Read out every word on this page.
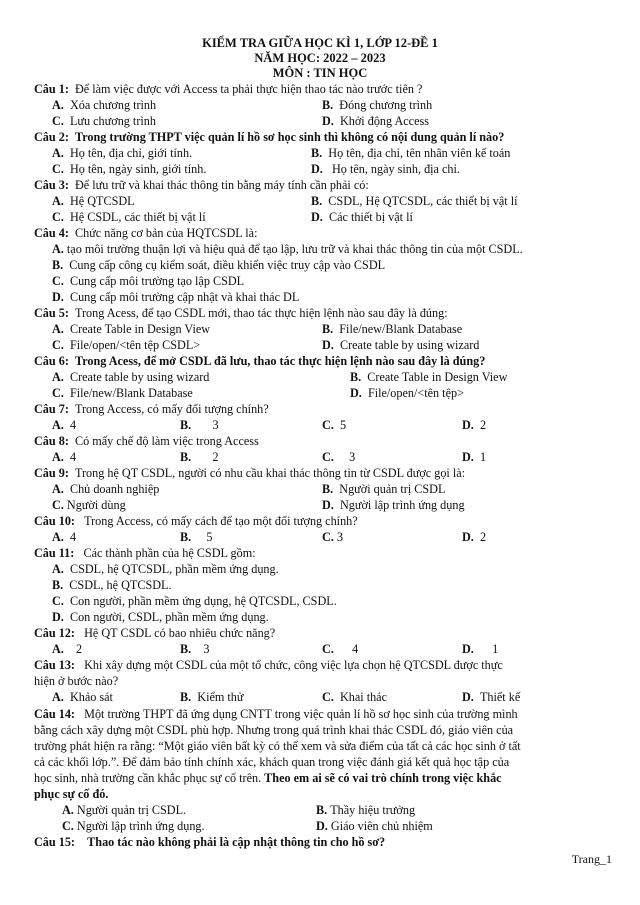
KIỂM TRA GIỮA HỌC KÌ 1, LỚP 12-ĐỀ 1
NĂM HỌC: 2022 – 2023
MÔN : TIN HỌC
Câu 1: Để làm việc được với Access ta phải thực hiện thao tác nào trước tiên ?
A. Xóa chương trình	B. Đóng chương trình
C. Lưu chương trình	D. Khởi động Access
Câu 2: Trong trường THPT việc quản lí hồ sơ học sinh thì không có nội dung quản lí nào?
A. Họ tên, địa chỉ, giới tính.	B. Họ tên, địa chỉ, tên nhân viên kế toán
C. Họ tên, ngày sinh, giới tính.	D. Họ tên, ngày sinh, địa chỉ.
Câu 3: Để lưu trữ và khai thác thông tin bằng máy tính cần phải có:
A. Hệ QTCSDL	B. CSDL, Hệ QTCSDL, các thiết bị vật lí
C. Hệ CSDL, các thiết bị vật lí	D. Các thiết bị vật lí
Câu 4: Chức năng cơ bản của HQTCSDL là:
A. tạo môi trường thuận lợi và hiệu quả để tạo lập, lưu trữ và khai thác thông tin của một CSDL.
B. Cung cấp công cụ kiểm soát, điều khiển việc truy cập vào CSDL
C. Cung cấp môi trường tạo lập CSDL
D. Cung cấp môi trường cập nhật và khai thác DL
Câu 5: Trong Acess, để tạo CSDL mới, thao tác thực hiện lệnh nào sau đây là đúng:
A. Create Table in Design View	B. File/new/Blank Database
C. File/open/<tên tệp CSDL>	D. Create table by using wizard
Câu 6: Trong Acess, để mở CSDL đã lưu, thao tác thực hiện lệnh nào sau đây là đúng?
A. Create table by using wizard	B. Create Table in Design View
C. File/new/Blank Database	D. File/open/<tên tệp>
Câu 7: Trong Access, có mấy đối tượng chính?
A. 4	B. 3	C. 5	D. 2
Câu 8: Có mấy chế độ làm việc trong Access
A. 4	B. 2	C. 3	D. 1
Câu 9: Trong hệ QT CSDL, người có nhu cầu khai thác thông tin từ CSDL được gọi là:
A. Chủ doanh nghiệp	B. Người quản trị CSDL
C. Người dùng	D. Người lập trình ứng dụng
Câu 10: Trong Access, có mấy cách để tạo một đối tượng chính?
A. 4	B. 5	C. 3	D. 2
Câu 11: Các thành phần của hệ CSDL gồm:
A. CSDL, hệ QTCSDL, phần mềm ứng dụng.
B. CSDL, hệ QTCSDL.
C. Con người, phần mềm ứng dụng, hệ QTCSDL, CSDL.
D. Con người, CSDL, phần mềm ứng dụng.
Câu 12: Hệ QT CSDL có bao nhiêu chức năng?
A. 2	B. 3	C. 4	D. 1
Câu 13: Khi xây dựng một CSDL của một tổ chức, công việc lựa chọn hệ QTCSDL được thực
hiện ở bước nào?
A. Khảo sát	B. Kiểm thử	C. Khai thác	D. Thiết kế
Câu 14: Một trường THPT đã ứng dụng CNTT trong việc quản lí hồ sơ học sinh của trường mình
bằng cách xây dựng một CSDL phù hợp. Nhưng trong quá trình khai thác CSDL đó, giáo viên của
trường phát hiện ra rằng: “Một giáo viên bất kỳ có thể xem và sửa điểm của tất cả các học sinh ở tất
cả các khối lớp.”. Để đảm bảo tính chính xác, khách quan trong việc đánh giá kết quả học tập của
học sinh, nhà trường cần khắc phục sự cố trên. Theo em ai sẽ có vai trò chính trong việc khắc
phục sự cố đó.
A. Người quản trị CSDL.	B. Thầy hiệu trưởng
C. Người lập trình ứng dụng.	D. Giáo viên chủ nhiệm
Câu 15: Thao tác nào không phải là cập nhật thông tin cho hồ sơ?
Trang_1
